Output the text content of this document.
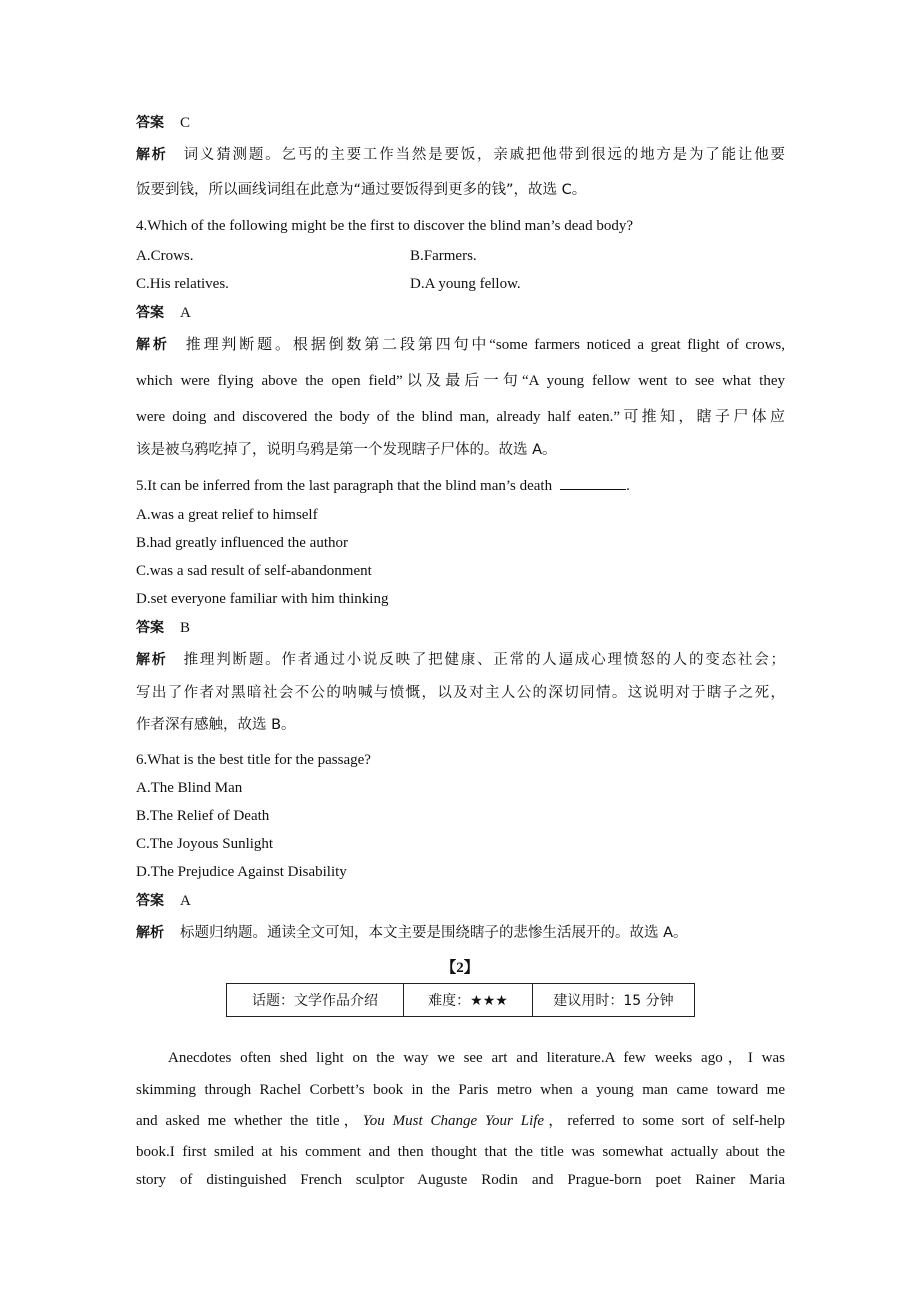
答案 C
解析 词义猜测题。乞丐的主要工作当然是要饭，亲戚把他带到很远的地方是为了能让他要
饭要到钱，所以画线词组在此意为“通过要饭得到更多的钱”，故选 C。
4.Which of the following might be the first to discover the blind man’s dead body?
A.Crows.	B.Farmers.
C.His relatives.	D.A young fellow.
答案 A
解析 推理判断题。根据倒数第二段第四句中“some farmers noticed a great flight of crows,
which were flying above the open field”以及最后一句“A young fellow went to see what they
were doing and discovered the body of the blind man, already half eaten.”可推知，瞎子尸体应
该是被乌鸦吃掉了，说明乌鸦是第一个发现瞎子尸体的。故选 A。
5.It can be inferred from the last paragraph that the blind man’s death	.
A.was a great relief to himself
B.had greatly influenced the author
C.was a sad result of self-abandonment
D.set everyone familiar with him thinking
答案 B
解析 推理判断题。作者通过小说反映了把健康、正常的人逼成心理愤怒的人的变态社会；
写出了作者对黑暗社会不公的呐喊与愤慨，以及对主人公的深切同情。这说明对于瞎子之死，
作者深有感触，故选 B。
6.What is the best title for the passage?
A.The Blind Man
B.The Relief of Death
C.The Joyous Sunlight
D.The Prejudice Against Disability
答案 A
解析 标题归纳题。通读全文可知，本文主要是围绕瞎子的悲惨生活展开的。故选 A。
【2】
话题：文学作品介绍	难度：★★★	建议用时：15 分钟
Anecdotes often shed light on the way we see art and literature.A few weeks ago，I was
skimming through Rachel Corbett’s book in the Paris metro when a young man came toward me
and asked me whether the title，You Must Change Your Life，referred to some sort of self-help
book.I first smiled at his comment and then thought that the title was somewhat actually about the
story of distinguished French sculptor Auguste Rodin and Prague-born poet Rainer Maria
